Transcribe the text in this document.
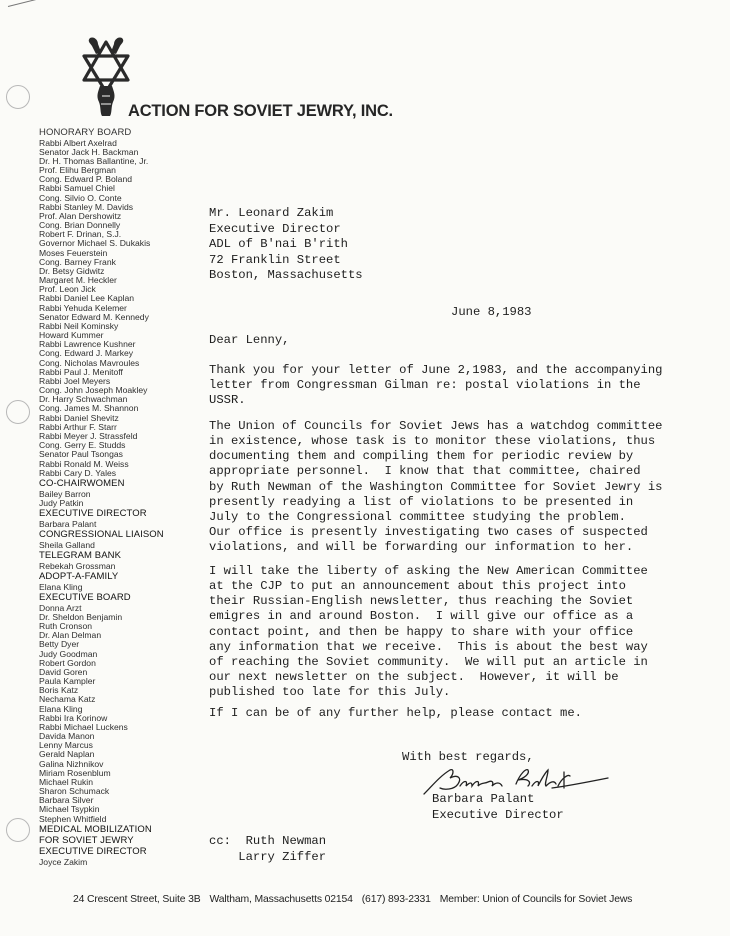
ACTION FOR SOVIET JEWRY, INC.
HONORARY BOARD
Rabbi Albert Axelrad
Senator Jack H. Backman
Dr. H. Thomas Ballantine, Jr.
Prof. Elihu Bergman
Cong. Edward P. Boland
Rabbi Samuel Chiel
Cong. Silvio O. Conte
Rabbi Stanley M. Davids
Prof. Alan Dershowitz
Cong. Brian Donnelly
Robert F. Drinan, S.J.
Governor Michael S. Dukakis
Moses Feuerstein
Cong. Barney Frank
Dr. Betsy Gidwitz
Margaret M. Heckler
Prof. Leon Jick
Rabbi Daniel Lee Kaplan
Rabbi Yehuda Kelemer
Senator Edward M. Kennedy
Rabbi Neil Kominsky
Howard Kummer
Rabbi Lawrence Kushner
Cong. Edward J. Markey
Cong. Nicholas Mavroules
Rabbi Paul J. Menitoff
Rabbi Joel Meyers
Cong. John Joseph Moakley
Dr. Harry Schwachman
Cong. James M. Shannon
Rabbi Daniel Shevitz
Rabbi Arthur F. Starr
Rabbi Meyer J. Strassfeld
Cong. Gerry E. Studds
Senator Paul Tsongas
Rabbi Ronald M. Weiss
Rabbi Cary D. Yales
CO-CHAIRWOMEN
Bailey Barron
Judy Patkin
EXECUTIVE DIRECTOR
Barbara Palant
CONGRESSIONAL LIAISON
Sheila Galland
TELEGRAM BANK
Rebekah Grossman
ADOPT-A-FAMILY
Elana Kling
EXECUTIVE BOARD
Donna Arzt
Dr. Sheldon Benjamin
Ruth Cronson
Dr. Alan Delman
Betty Dyer
Judy Goodman
Robert Gordon
David Goren
Paula Kampler
Boris Katz
Nechama Katz
Elana Kling
Rabbi Ira Korinow
Rabbi Michael Luckens
Davida Manon
Lenny Marcus
Gerald Naplan
Galina Nizhnikov
Miriam Rosenblum
Michael Rukin
Sharon Schumack
Barbara Silver
Michael Tsypkin
Stephen Whitfield
MEDICAL MOBILIZATION
FOR SOVIET JEWRY
EXECUTIVE DIRECTOR
Joyce Zakim
Mr. Leonard Zakim
Executive Director
ADL of B'nai B'rith
72 Franklin Street
Boston, Massachusetts
June 8,1983
Dear Lenny,
Thank you for your letter of June 2,1983, and the accompanying
letter from Congressman Gilman re: postal violations in the
USSR.
The Union of Councils for Soviet Jews has a watchdog committee
in existence, whose task is to monitor these violations, thus
documenting them and compiling them for periodic review by
appropriate personnel.  I know that that committee, chaired
by Ruth Newman of the Washington Committee for Soviet Jewry is
presently readying a list of violations to be presented in
July to the Congressional committee studying the problem.
Our office is presently investigating two cases of suspected
violations, and will be forwarding our information to her.
I will take the liberty of asking the New American Committee
at the CJP to put an announcement about this project into
their Russian-English newsletter, thus reaching the Soviet
emigres in and around Boston.  I will give our office as a
contact point, and then be happy to share with your office
any information that we receive.  This is about the best way
of reaching the Soviet community.  We will put an article in
our next newsletter on the subject.  However, it will be
published too late for this July.
If I can be of any further help, please contact me.
With best regards,
Barbara Palant
Executive Director
cc: Ruth Newman
Larry Ziffer
24 Crescent Street, Suite 3B Waltham, Massachusetts 02154 (617) 893-2331 Member: Union of Councils for Soviet Jews
